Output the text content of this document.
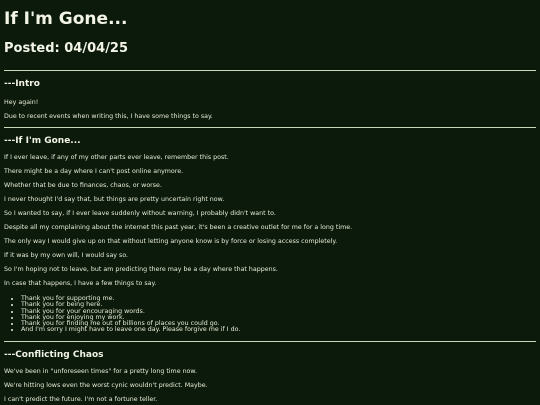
If I'm Gone...
Posted: 04/04/25
---Intro

Hey again!

Due to recent events when writing this, I have some things to say.

---If I'm Gone...

If I ever leave, if any of my other parts ever leave, remember this post.

There might be a day where I can't post online anymore.

Whether that be due to finances, chaos, or worse.

I never thought I'd say that, but things are pretty uncertain right now.

So I wanted to say, if I ever leave suddenly without warning, I probably didn't want to.

Despite all my complaining about the internet this past year, it's been a creative outlet for me for a long time.

The only way I would give up on that without letting anyone know is by force or losing access completely.

If it was by my own will, I would say so.

So I'm hoping not to leave, but am predicting there may be a day where that happens.

In case that happens, I have a few things to say.

• Thank you for supporting me.
• Thank you for being here.
• Thank you for your encouraging words.
• Thank you for enjoying my work.
• Thank you for finding me out of billions of places you could go.
• And I'm sorry I might have to leave one day. Please forgive me if I do.
---Conflicting Chaos

We've been in "unforeseen times" for a pretty long time now.

We're hitting lows even the worst cynic wouldn't predict. Maybe.

I can't predict the future. I'm not a fortune teller.
